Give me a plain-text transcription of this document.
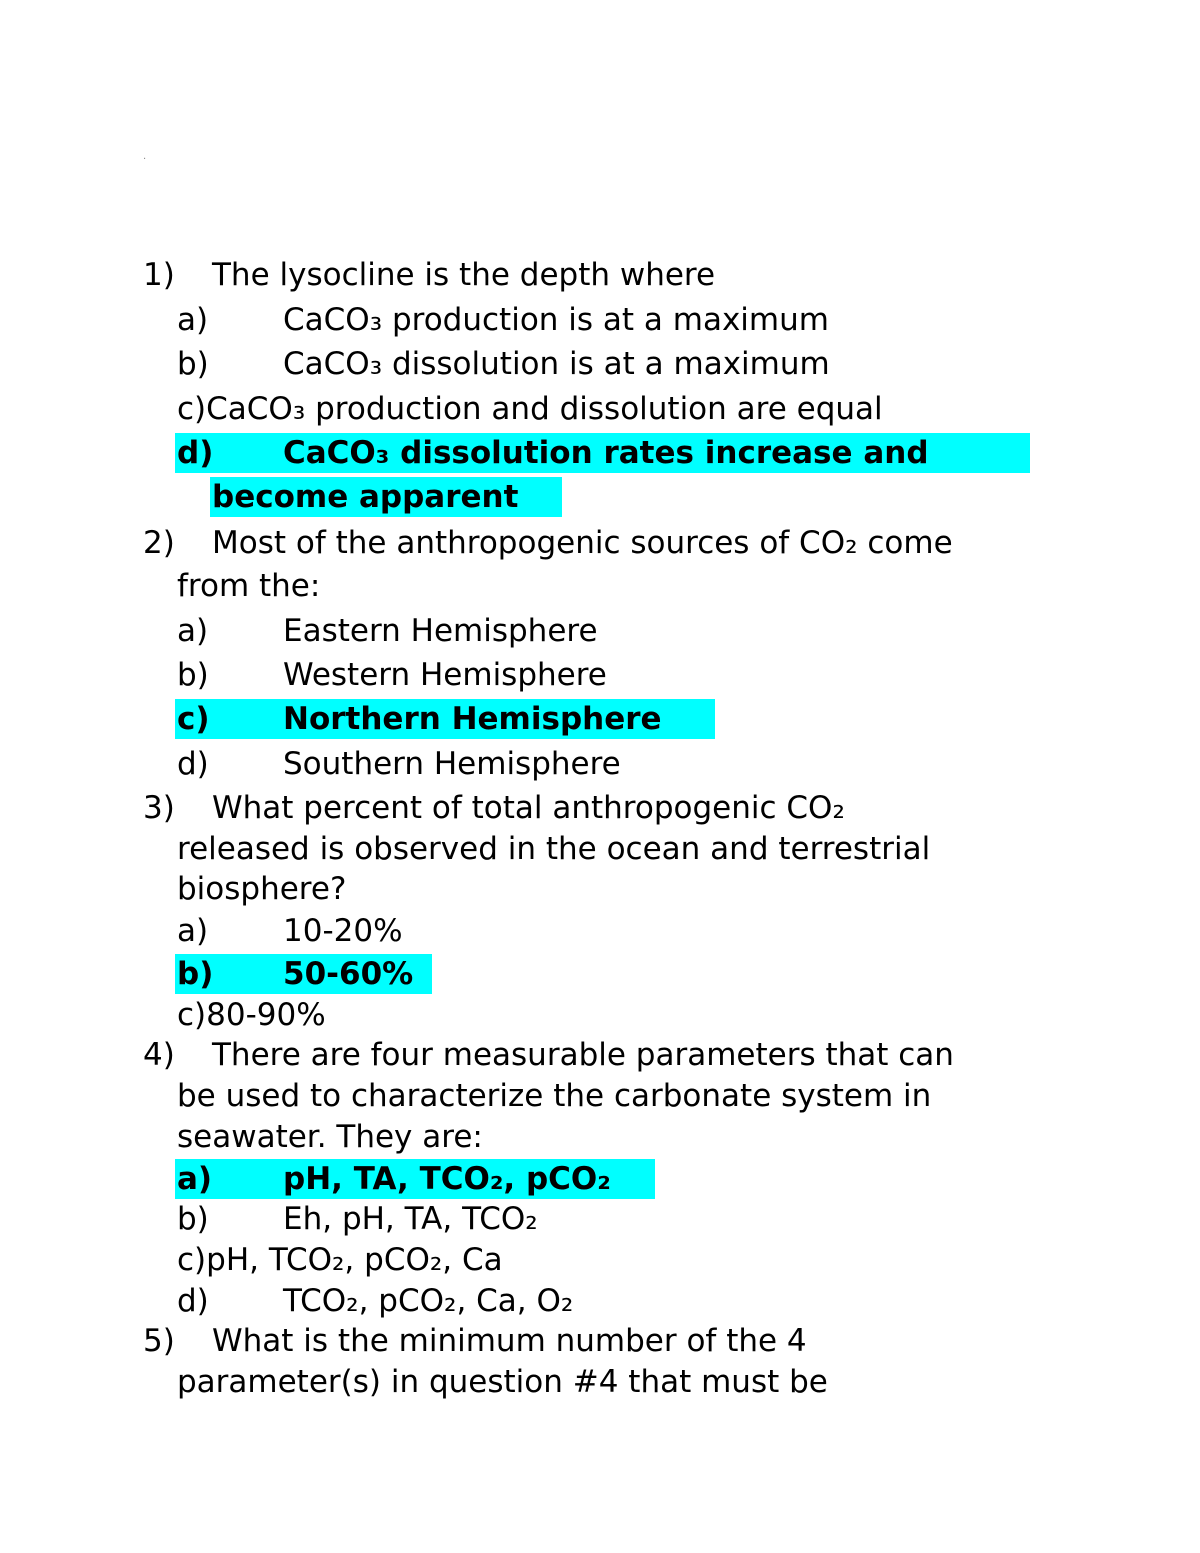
·
1) The lysocline is the depth where
a) CaCO₃ production is at a maximum
b) CaCO₃ dissolution is at a maximum
c)CaCO₃ production and dissolution are equal
d) CaCO₃ dissolution rates increase and
become apparent
2) Most of the anthropogenic sources of CO₂ come
from the:
a) Eastern Hemisphere
b) Western Hemisphere
c) Northern Hemisphere
d) Southern Hemisphere
3) What percent of total anthropogenic CO₂
released is observed in the ocean and terrestrial
biosphere?
a) 10-20%
b) 50-60%
c)80-90%
4) There are four measurable parameters that can
be used to characterize the carbonate system in
seawater. They are:
a) pH, TA, TCO₂, pCO₂
b) Eh, pH, TA, TCO₂
c)pH, TCO₂, pCO₂, Ca
d) TCO₂, pCO₂, Ca, O₂
5) What is the minimum number of the 4
parameter(s) in question #4 that must be
